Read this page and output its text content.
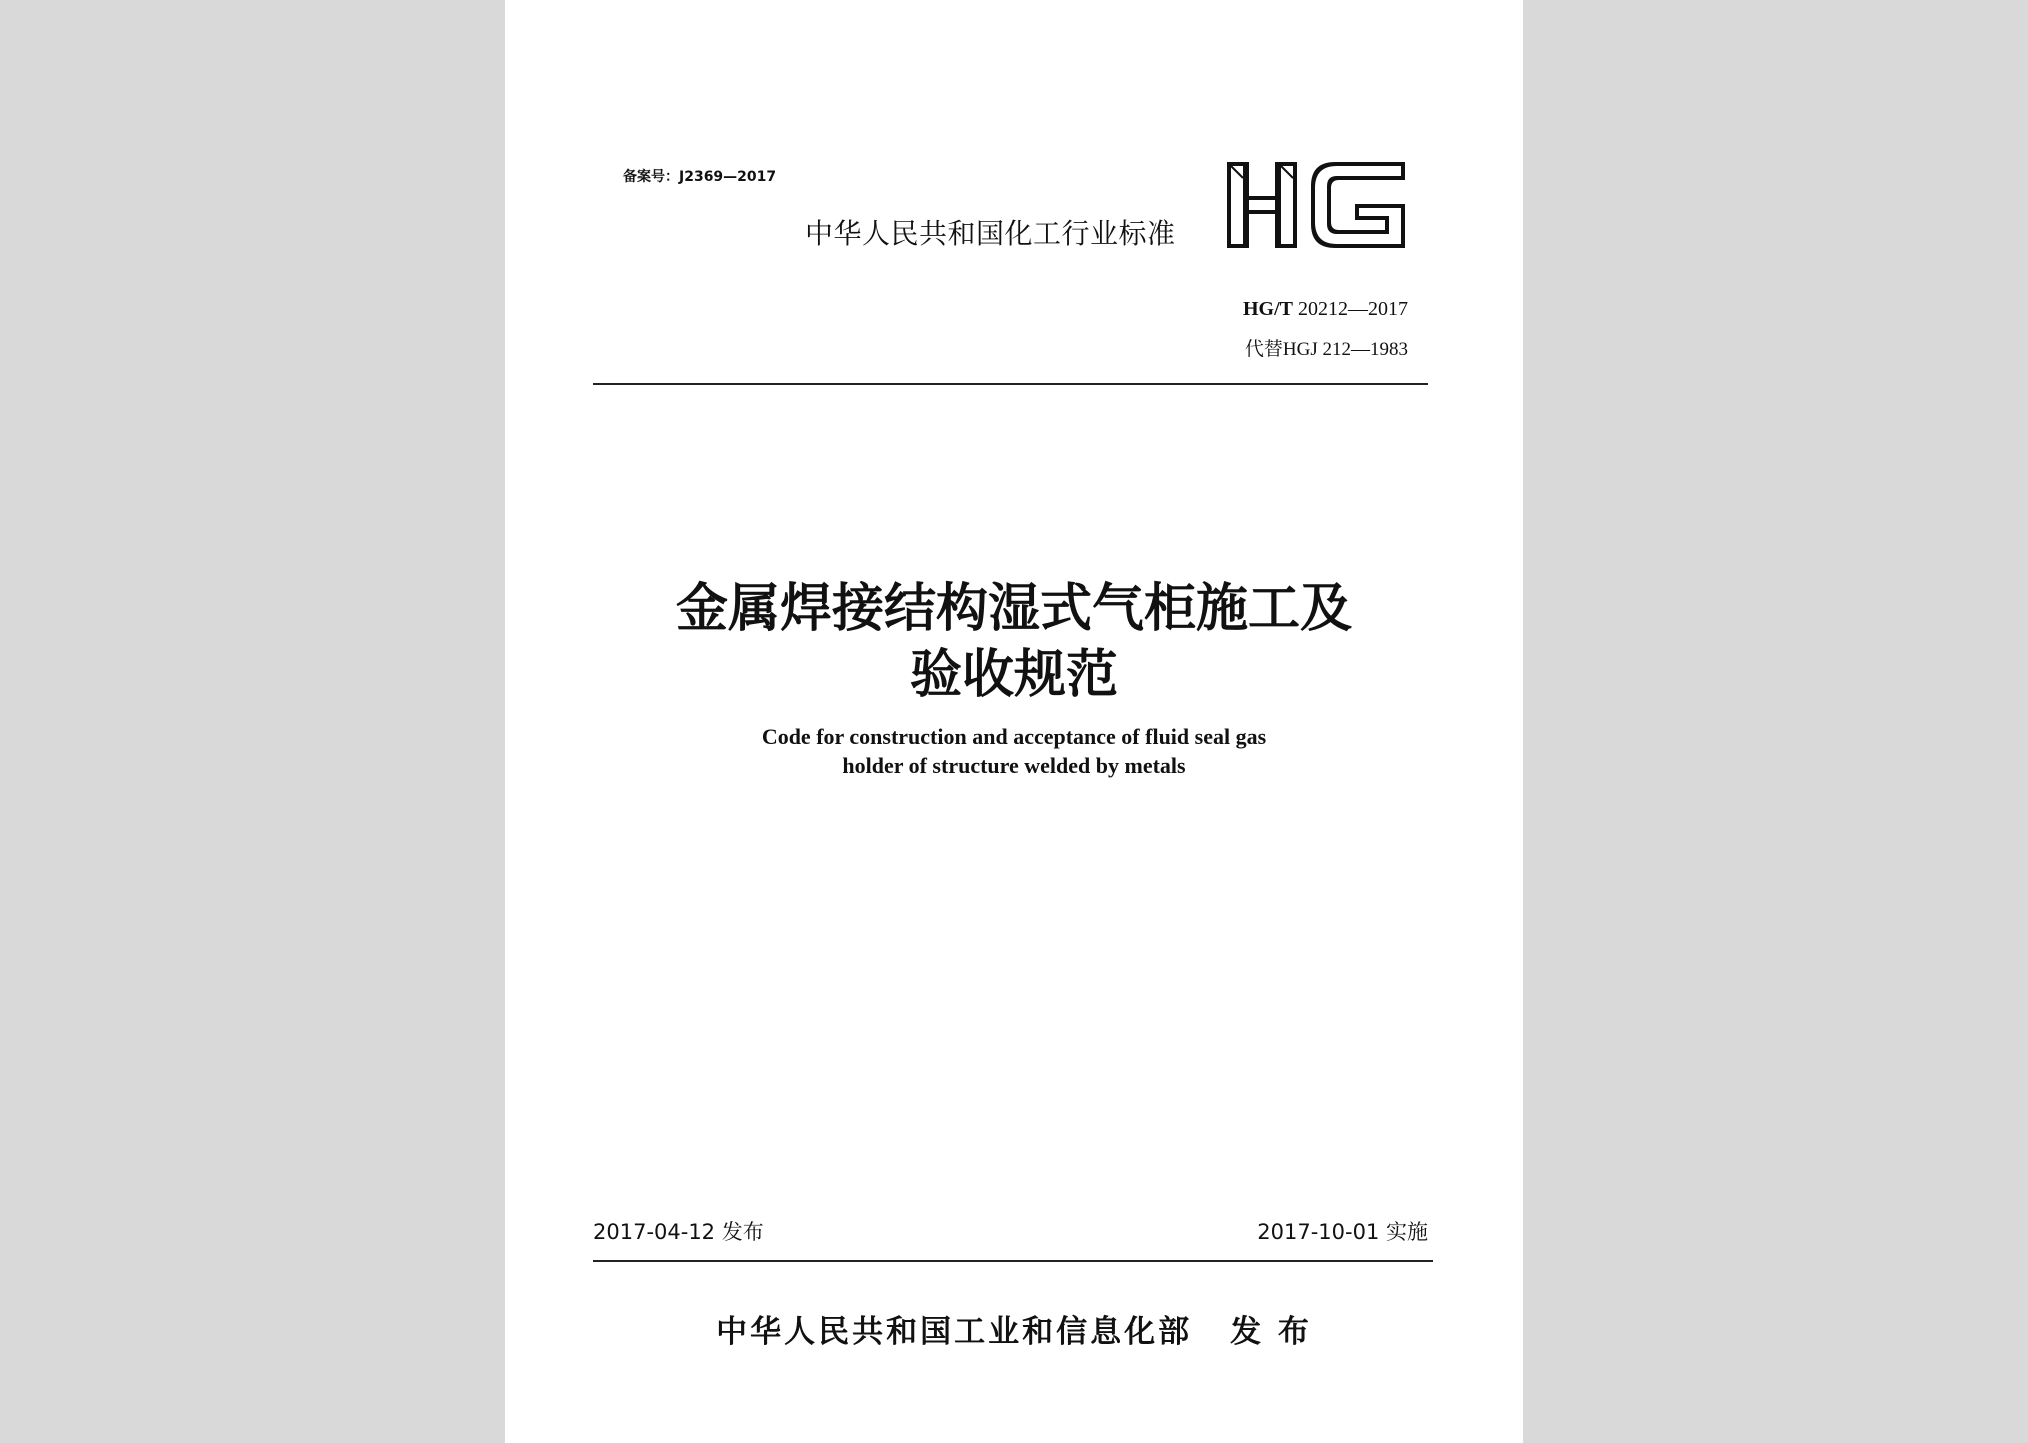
备案号：J2369—2017
中华人民共和国化工行业标准
HG/T 20212—2017
代替HGJ 212—1983
金属焊接结构湿式气柜施工及
验收规范
Code for construction and acceptance of fluid seal gas
holder of structure welded by metals
2017-04-12 发布	2017-10-01 实施
中华人民共和国工业和信息化部 发 布
